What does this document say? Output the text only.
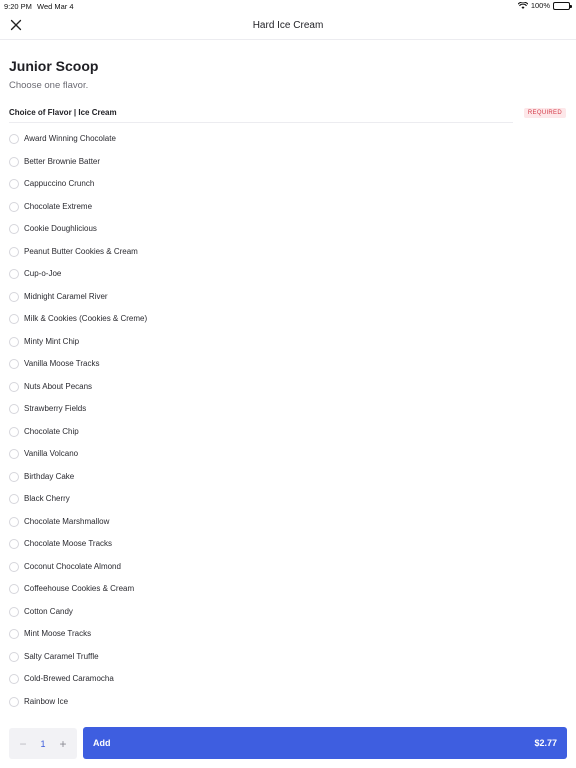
9:20 PM Wed Mar 4	100%
Hard Ice Cream
Junior Scoop
Choose one flavor.
Choice of Flavor | Ice Cream	REQUIRED
Award Winning Chocolate
Better Brownie Batter
Cappuccino Crunch
Chocolate Extreme
Cookie Doughlicious
Peanut Butter Cookies & Cream
Cup-o-Joe
Midnight Caramel River
Milk & Cookies (Cookies & Creme)
Minty Mint Chip
Vanilla Moose Tracks
Nuts About Pecans
Strawberry Fields
Chocolate Chip
Vanilla Volcano
Birthday Cake
Black Cherry
Chocolate Marshmallow
Chocolate Moose Tracks
Coconut Chocolate Almond
Coffeehouse Cookies & Cream
Cotton Candy
Mint Moose Tracks
Salty Caramel Truffle
Cold-Brewed Caramocha
Rainbow Ice
− 1 +	Add	$2.77
